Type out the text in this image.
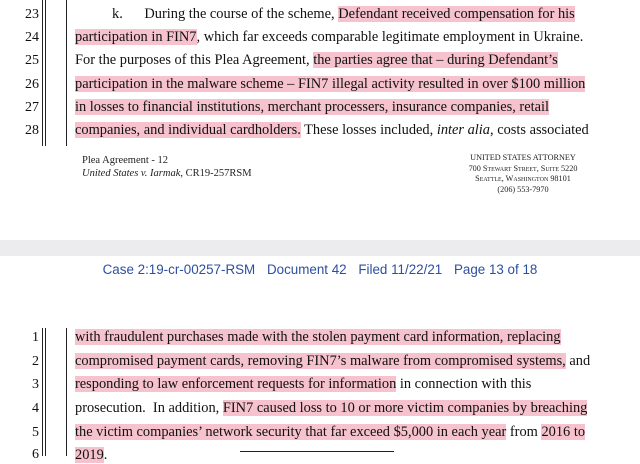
23
24
25
26
27
28
k.      During the course of the scheme, Defendant received compensation for his
participation in FIN7, which far exceeds comparable legitimate employment in Ukraine.
For the purposes of this Plea Agreement, the parties agree that – during Defendant’s
participation in the malware scheme – FIN7 illegal activity resulted in over $100 million
in losses to financial institutions, merchant processers, insurance companies, retail
companies, and individual cardholders. These losses included, inter alia, costs associated
Plea Agreement - 12
United States v. Iarmak, CR19-257RSM
UNITED STATES ATTORNEY
700 Stewart Street, Suite 5220
Seattle, Washington 98101
(206) 553-7970
Case 2:19-cr-00257-RSM Document 42 Filed 11/22/21 Page 13 of 18
1
2
3
4
5
6
with fraudulent purchases made with the stolen payment card information, replacing
compromised payment cards, removing FIN7’s malware from compromised systems, and
responding to law enforcement requests for information in connection with this
prosecution.  In addition, FIN7 caused loss to 10 or more victim companies by breaching
the victim companies’ network security that far exceed $5,000 in each year from 2016 to
2019.
